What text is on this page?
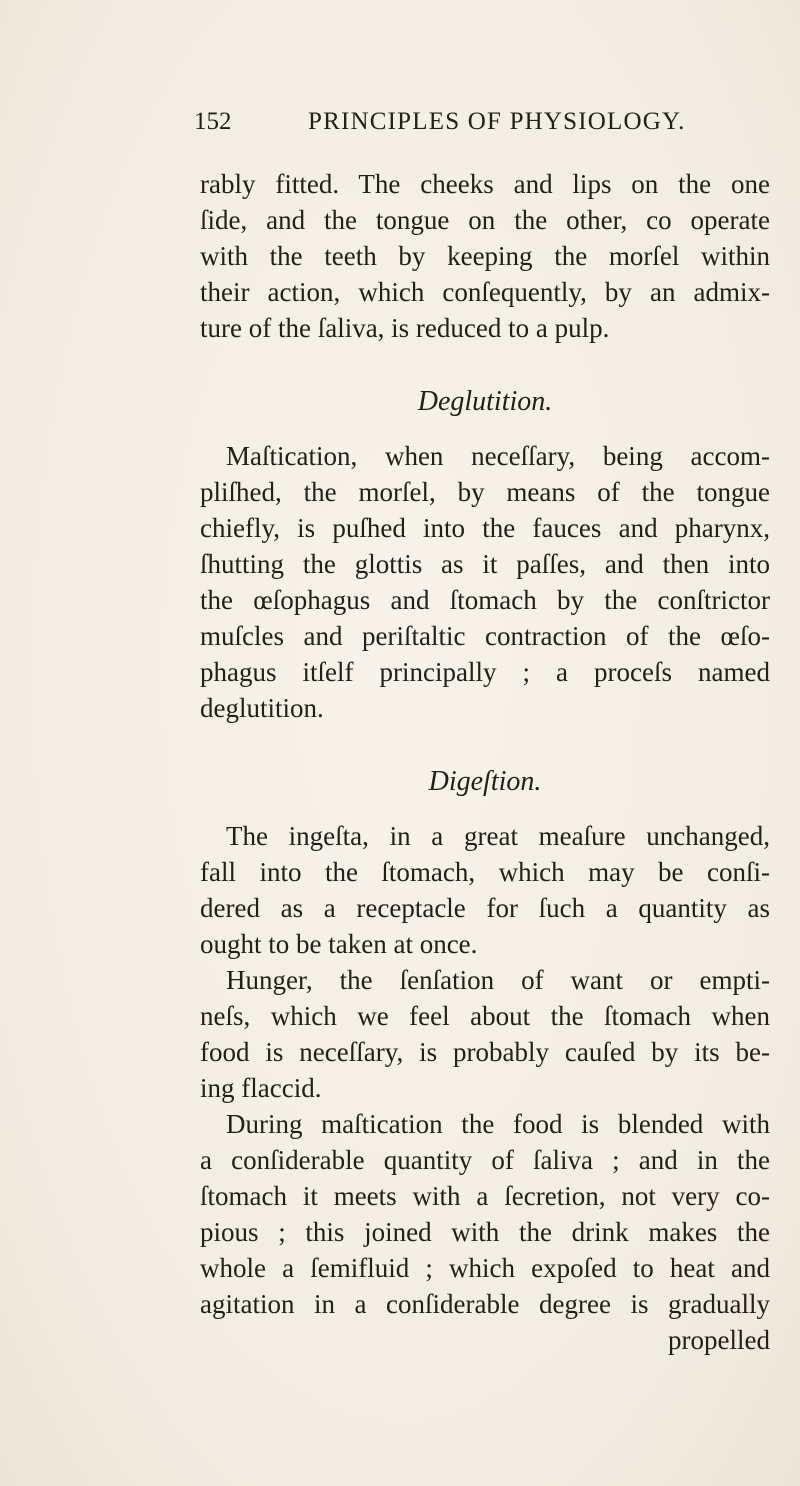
152	PRINCIPLES OF PHYSIOLOGY.
rably fitted. The cheeks and lips on the one
ſide, and the tongue on the other, co operate
with the teeth by keeping the morſel within
their action, which conſequently, by an admix-
ture of the ſaliva, is reduced to a pulp.
Deglutition.
Maſtication, when neceſſary, being accom-
pliſhed, the morſel, by means of the tongue
chiefly, is puſhed into the fauces and pharynx,
ſhutting the glottis as it paſſes, and then into
the œſophagus and ſtomach by the conſtrictor
muſcles and periſtaltic contraction of the œſo-
phagus itſelf principally ; a proceſs named
deglutition.
Digeſtion.
The ingeſta, in a great meaſure unchanged,
fall into the ſtomach, which may be conſi-
dered as a receptacle for ſuch a quantity as
ought to be taken at once.
Hunger, the ſenſation of want or empti-
neſs, which we feel about the ſtomach when
food is neceſſary, is probably cauſed by its be-
ing flaccid.
During maſtication the food is blended with
a conſiderable quantity of ſaliva ; and in the
ſtomach it meets with a ſecretion, not very co-
pious ; this joined with the drink makes the
whole a ſemifluid ; which expoſed to heat and
agitation in a conſiderable degree is gradually
propelled
